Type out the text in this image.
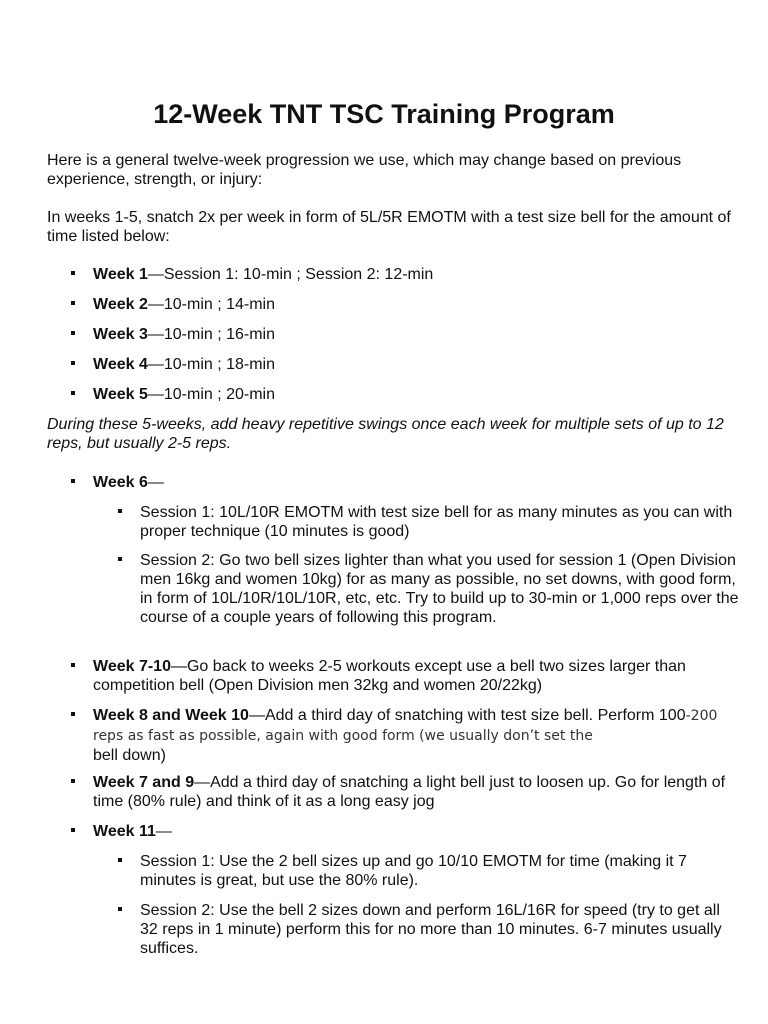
12-Week TNT TSC Training Program

Here is a general twelve-week progression we use, which may change based on previous experience, strength, or injury:

In weeks 1-5, snatch 2x per week in form of 5L/5R EMOTM with a test size bell for the amount of time listed below:

Week 1—Session 1: 10-min ; Session 2: 12-min
Week 2—10-min ; 14-min
Week 3—10-min ; 16-min
Week 4—10-min ; 18-min
Week 5—10-min ; 20-min

During these 5-weeks, add heavy repetitive swings once each week for multiple sets of up to 12 reps, but usually 2-5 reps.

Week 6—
Session 1: 10L/10R EMOTM with test size bell for as many minutes as you can with proper technique (10 minutes is good)
Session 2: Go two bell sizes lighter than what you used for session 1 (Open Division men 16kg and women 10kg) for as many as possible, no set downs, with good form, in form of 10L/10R/10L/10R, etc, etc. Try to build up to 30-min or 1,000 reps over the course of a couple years of following this program.
Week 7-10—Go back to weeks 2-5 workouts except use a bell two sizes larger than competition bell (Open Division men 32kg and women 20/22kg)
Week 8 and Week 10—Add a third day of snatching with test size bell. Perform 100-200 reps as fast as possible, again with good form (we usually don’t set the
bell down)
Week 7 and 9—Add a third day of snatching a light bell just to loosen up. Go for length of time (80% rule) and think of it as a long easy jog
Week 11—
Session 1: Use the 2 bell sizes up and go 10/10 EMOTM for time (making it 7 minutes is great, but use the 80% rule).
Session 2: Use the bell 2 sizes down and perform 16L/16R for speed (try to get all 32 reps in 1 minute) perform this for no more than 10 minutes. 6-7 minutes usually suffices.
